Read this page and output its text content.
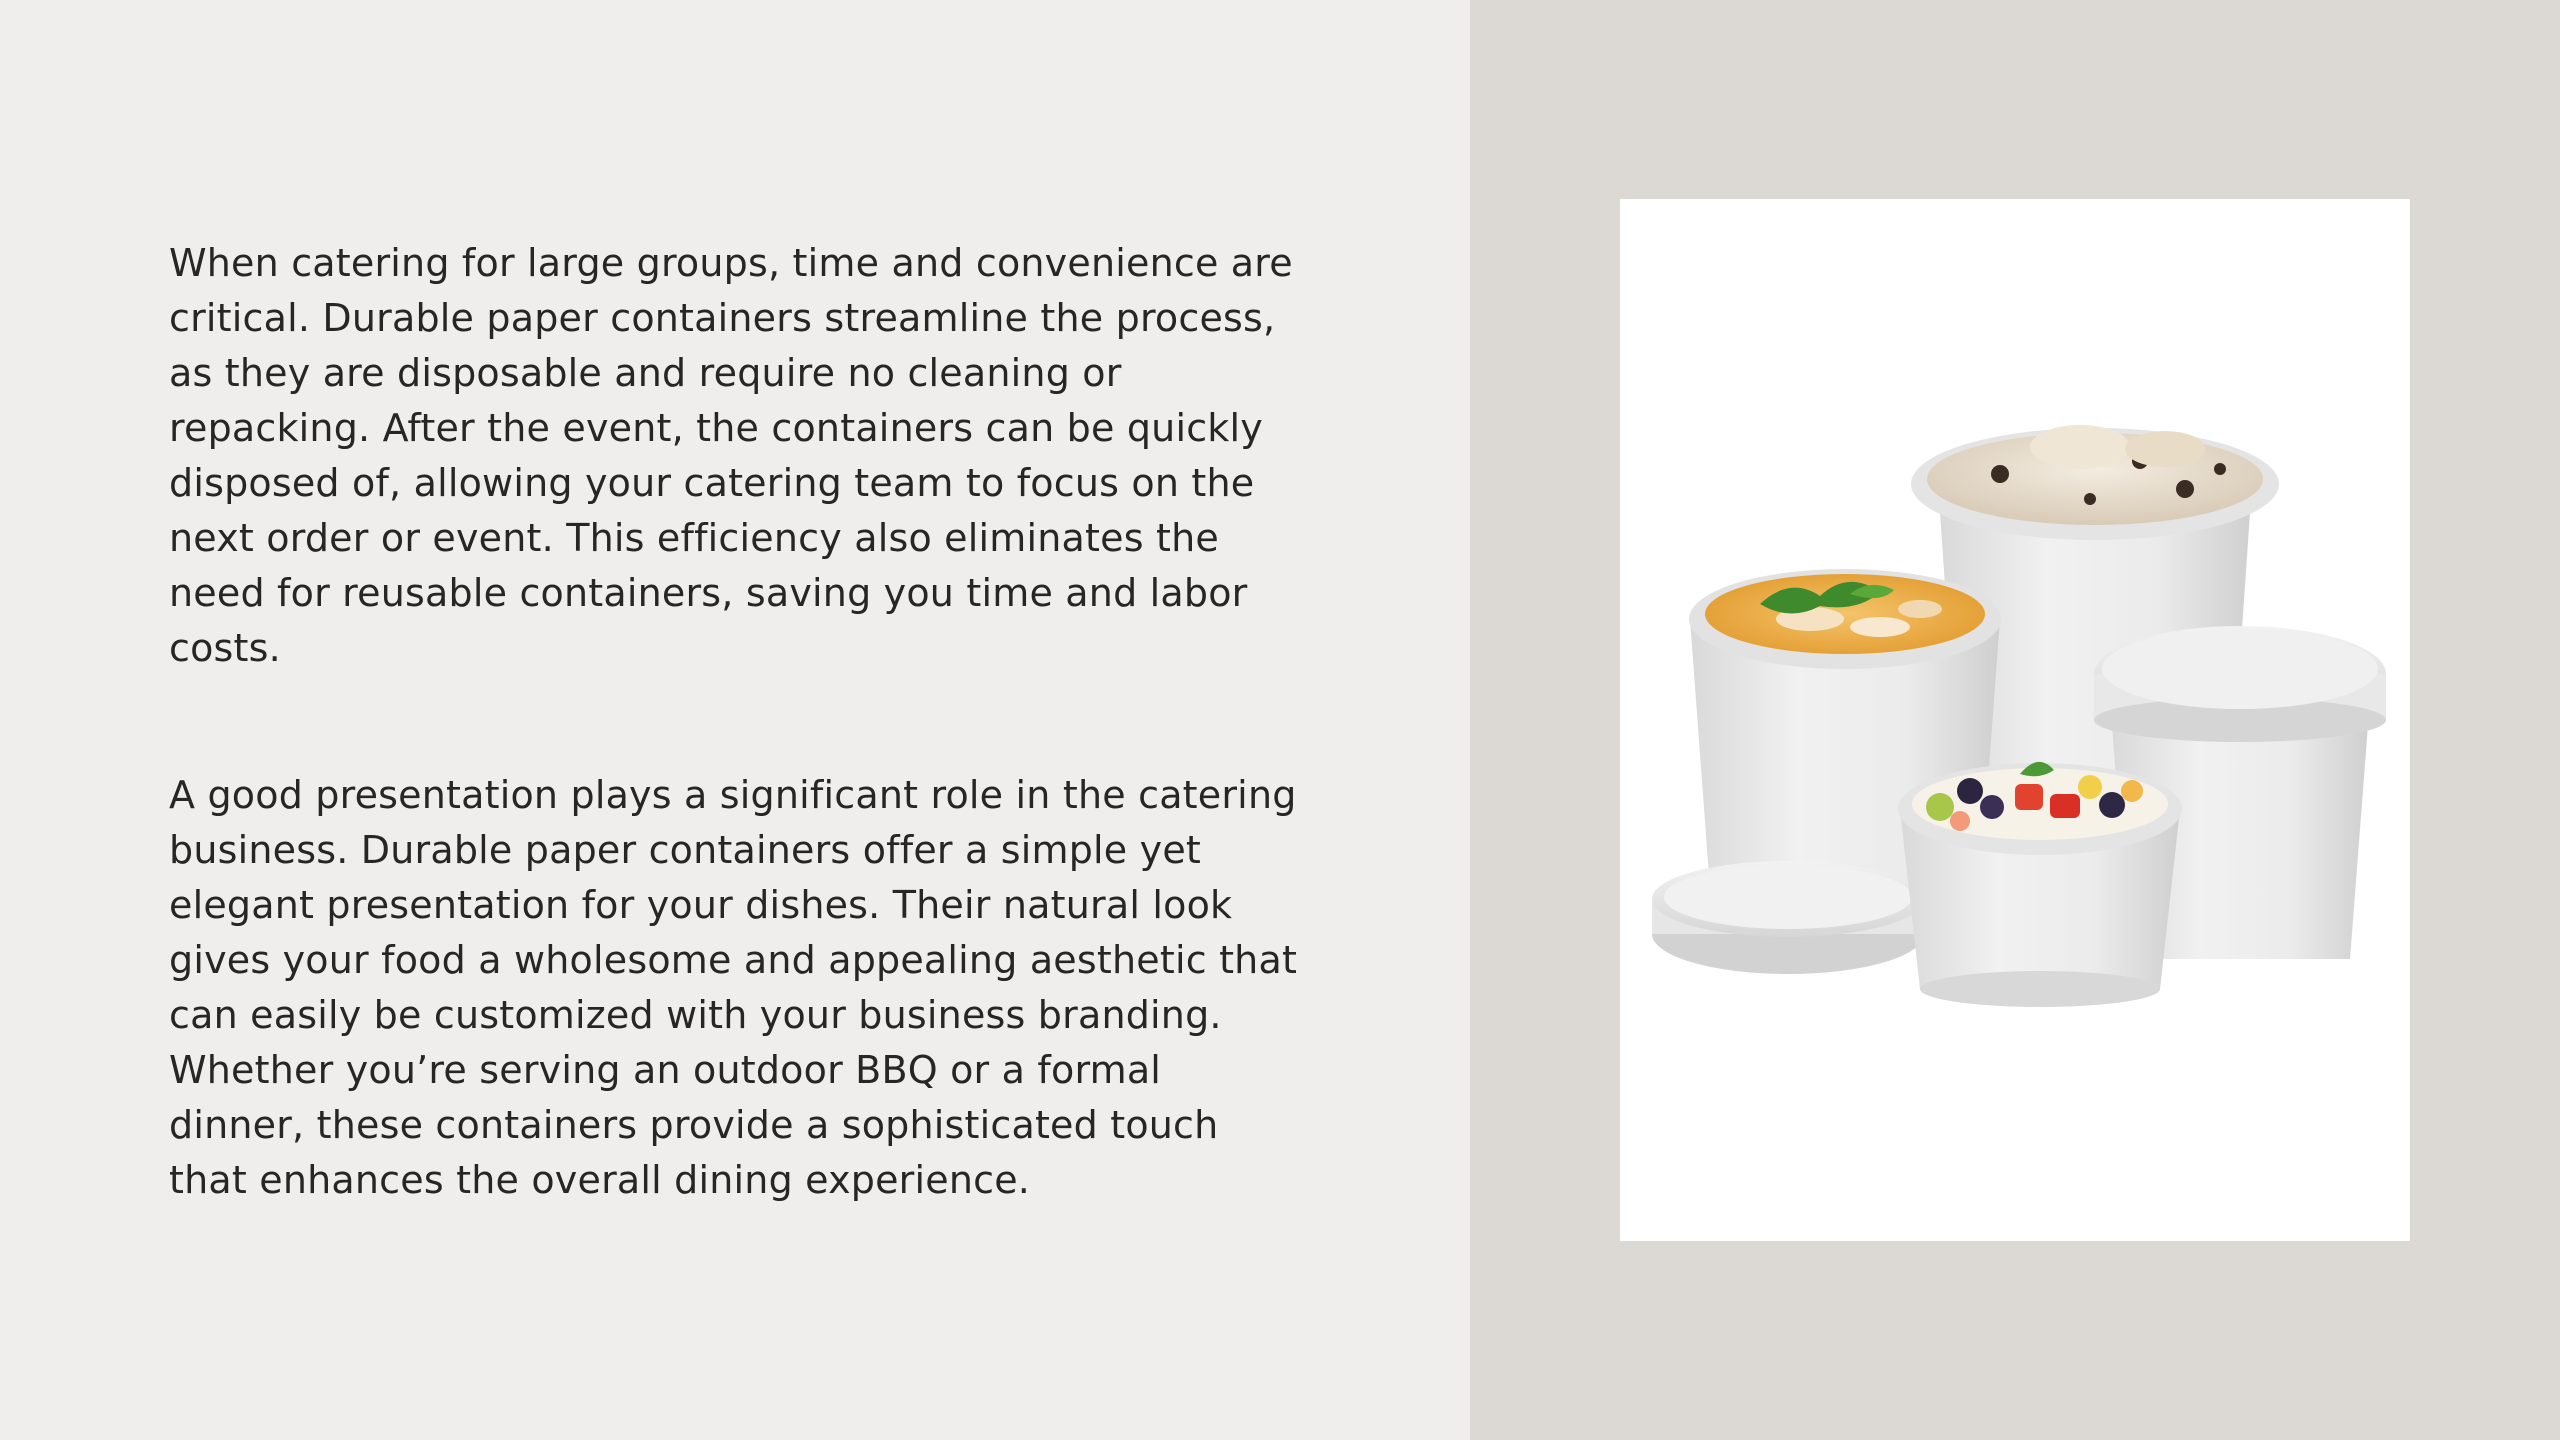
When catering for large groups, time and convenience are critical. Durable paper containers streamline the process, as they are disposable and require no cleaning or repacking. After the event, the containers can be quickly disposed of, allowing your catering team to focus on the next order or event. This efficiency also eliminates the need for reusable containers, saving you time and labor costs.

A good presentation plays a significant role in the catering business. Durable paper containers offer a simple yet elegant presentation for your dishes. Their natural look gives your food a wholesome and appealing aesthetic that can easily be customized with your business branding. Whether you’re serving an outdoor BBQ or a formal dinner, these containers provide a sophisticated touch that enhances the overall dining experience.
